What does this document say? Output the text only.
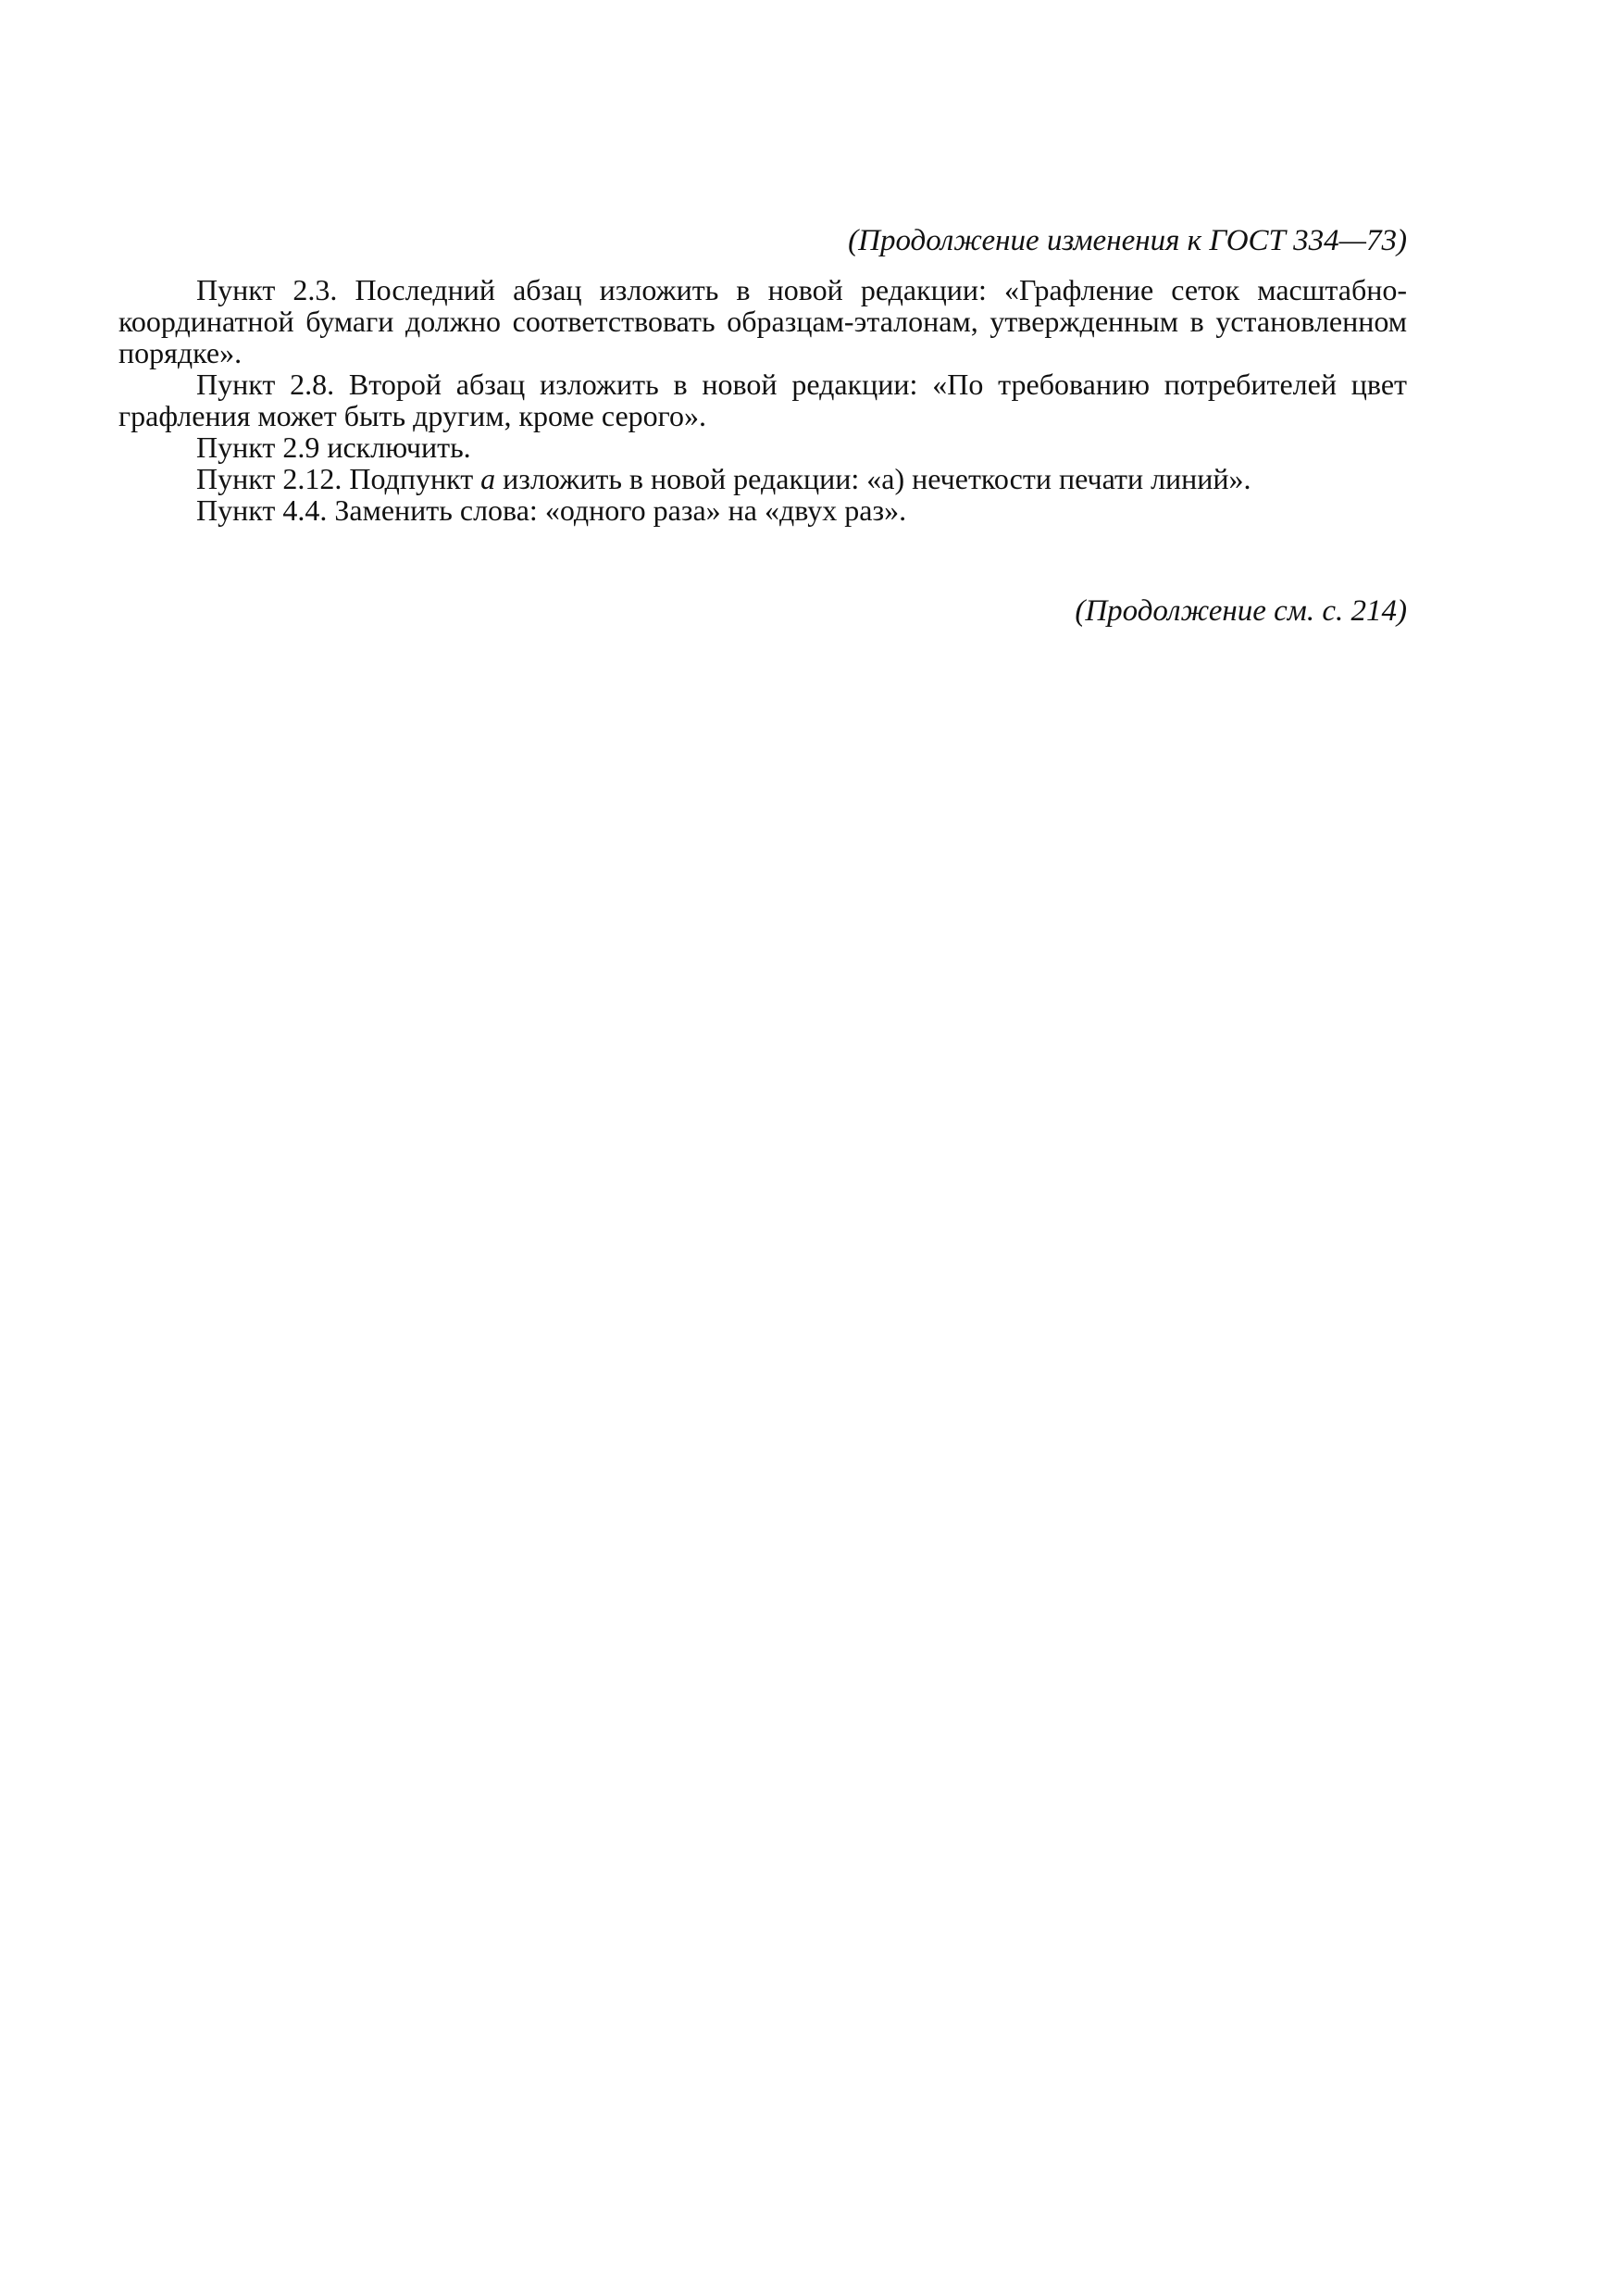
(Продолжение изменения к ГОСТ 334—73)

Пункт 2.3. Последний абзац изложить в новой редакции: «Графление сеток масштабно-координатной бумаги должно соответствовать образцам-эталонам, утвержденным в установленном порядке».

Пункт 2.8. Второй абзац изложить в новой редакции: «По требованию потребителей цвет графления может быть другим, кроме серого».

Пункт 2.9 исключить.

Пункт 2.12. Подпункт а изложить в новой редакции: «а) нечеткости печати линий».

Пункт 4.4. Заменить слова: «одного раза» на «двух раз».

(Продолжение см. с. 214)
